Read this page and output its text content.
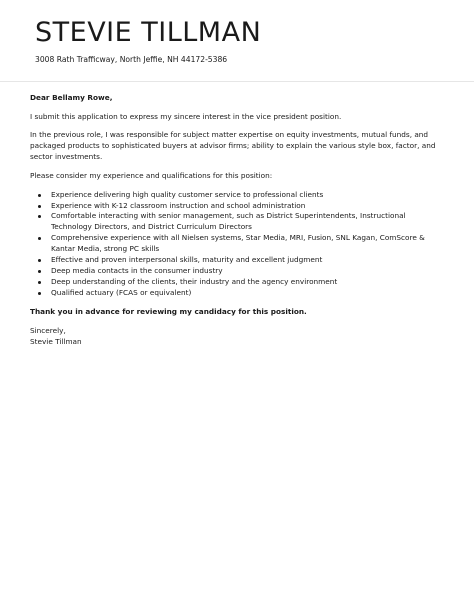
STEVIE TILLMAN
3008 Rath Trafficway, North Jeffie, NH 44172-5386

Dear Bellamy Rowe,

I submit this application to express my sincere interest in the vice president position.

In the previous role, I was responsible for subject matter expertise on equity investments, mutual funds, and packaged products to sophisticated buyers at advisor firms; ability to explain the various style box, factor, and sector investments.

Please consider my experience and qualifications for this position:

Experience delivering high quality customer service to professional clients
Experience with K-12 classroom instruction and school administration
Comfortable interacting with senior management, such as District Superintendents, Instructional Technology Directors, and District Curriculum Directors
Comprehensive experience with all Nielsen systems, Star Media, MRI, Fusion, SNL Kagan, ComScore & Kantar Media, strong PC skills
Effective and proven interpersonal skills, maturity and excellent judgment
Deep media contacts in the consumer industry
Deep understanding of the clients, their industry and the agency environment
Qualified actuary (FCAS or equivalent)

Thank you in advance for reviewing my candidacy for this position.

Sincerely,
Stevie Tillman
